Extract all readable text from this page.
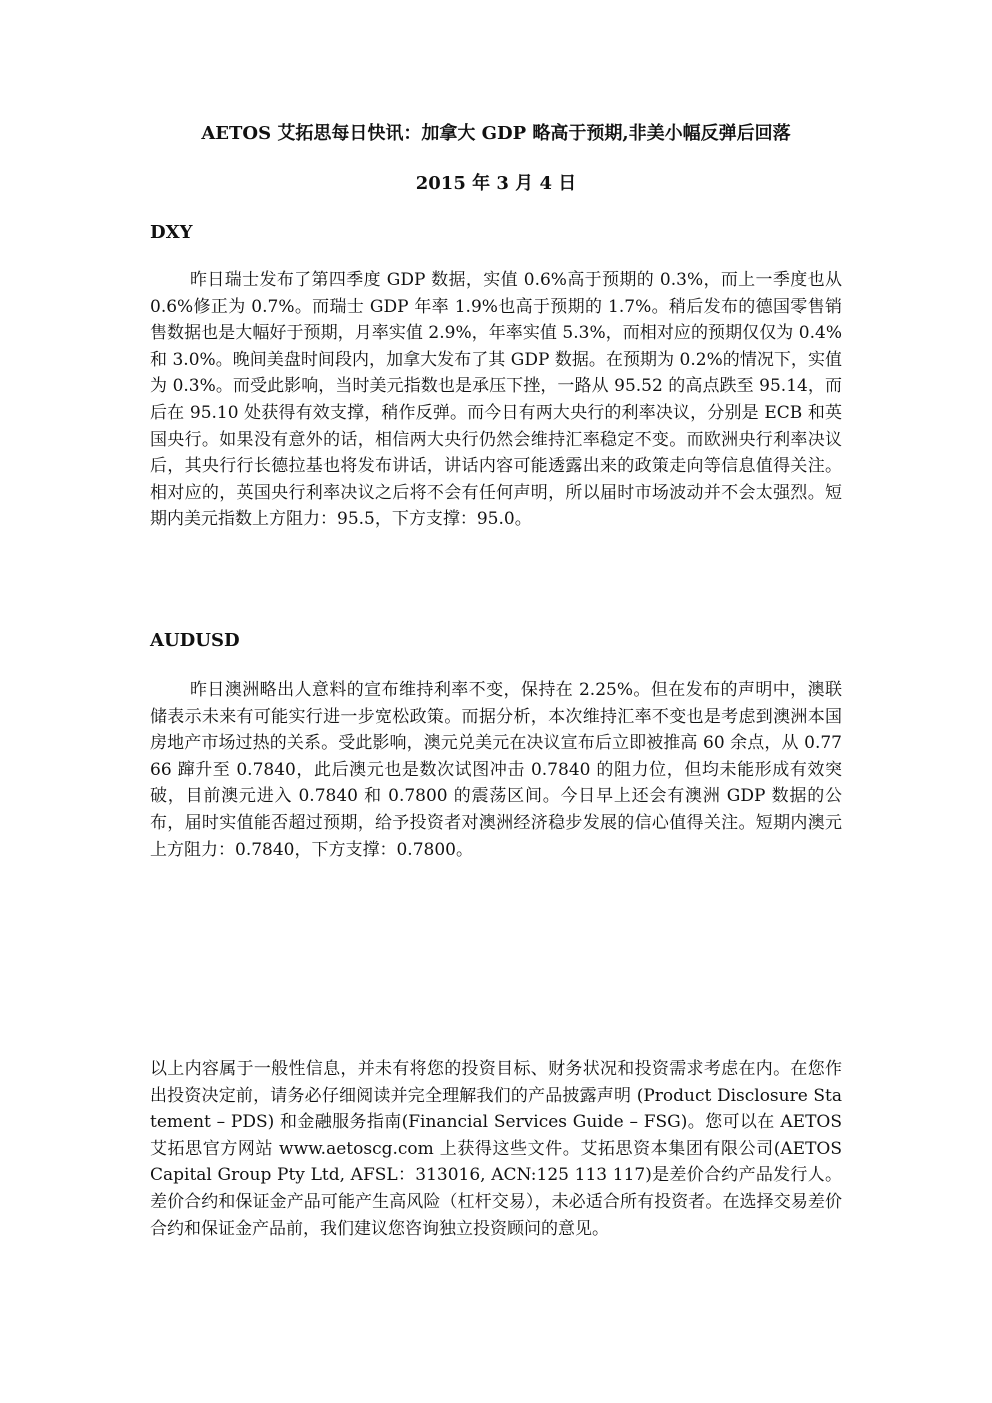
AETOS 艾拓思每日快讯：加拿大 GDP 略高于预期,非美小幅反弹后回落
2015 年 3 月 4 日
DXY
昨日瑞士发布了第四季度 GDP 数据，实值 0.6%高于预期的 0.3%，而上一季度也从 0.6%修正为 0.7%。而瑞士 GDP 年率 1.9%也高于预期的 1.7%。稍后发布的德国零售销售数据也是大幅好于预期，月率实值 2.9%，年率实值 5.3%，而相对应的预期仅仅为 0.4%和 3.0%。晚间美盘时间段内，加拿大发布了其 GDP 数据。在预期为 0.2%的情况下，实值为 0.3%。而受此影响，当时美元指数也是承压下挫，一路从 95.52 的高点跌至 95.14，而后在 95.10 处获得有效支撑，稍作反弹。而今日有两大央行的利率决议，分别是 ECB 和英国央行。如果没有意外的话，相信两大央行仍然会维持汇率稳定不变。而欧洲央行利率决议后，其央行行长德拉基也将发布讲话，讲话内容可能透露出来的政策走向等信息值得关注。相对应的，英国央行利率决议之后将不会有任何声明，所以届时市场波动并不会太强烈。短期内美元指数上方阻力：95.5，下方支撑：95.0。
AUDUSD
昨日澳洲略出人意料的宣布维持利率不变，保持在 2.25%。但在发布的声明中，澳联储表示未来有可能实行进一步宽松政策。而据分析，本次维持汇率不变也是考虑到澳洲本国房地产市场过热的关系。受此影响，澳元兑美元在决议宣布后立即被推高 60 余点，从 0.7766 蹿升至 0.7840，此后澳元也是数次试图冲击 0.7840 的阻力位，但均未能形成有效突破，目前澳元进入 0.7840 和 0.7800 的震荡区间。今日早上还会有澳洲 GDP 数据的公布，届时实值能否超过预期，给予投资者对澳洲经济稳步发展的信心值得关注。短期内澳元上方阻力：0.7840，下方支撑：0.7800。
以上内容属于一般性信息，并未有将您的投资目标、财务状况和投资需求考虑在内。在您作出投资决定前，请务必仔细阅读并完全理解我们的产品披露声明 (Product Disclosure Statement – PDS) 和金融服务指南(Financial Services Guide – FSG)。您可以在 AETOS 艾拓思官方网站 www.aetoscg.com 上获得这些文件。艾拓思资本集团有限公司(AETOS Capital Group Pty Ltd, AFSL：313016, ACN:125 113 117)是差价合约产品发行人。差价合约和保证金产品可能产生高风险（杠杆交易），未必适合所有投资者。在选择交易差价合约和保证金产品前，我们建议您咨询独立投资顾问的意见。
